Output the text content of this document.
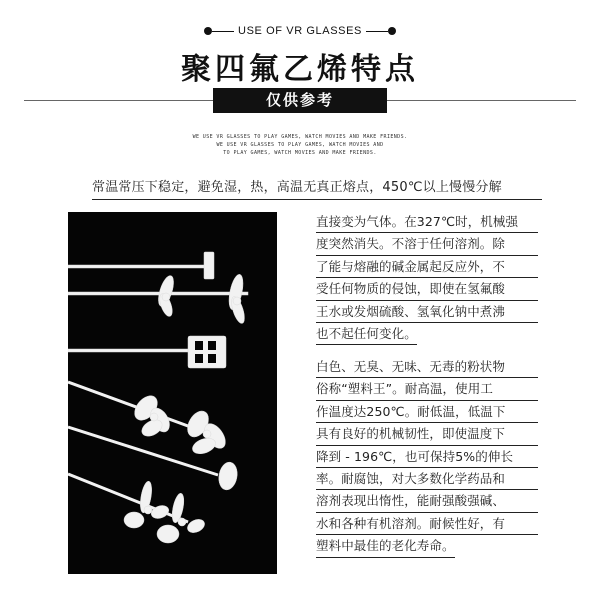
USE OF VR GLASSES
聚四氟乙烯特点
仅供参考
WE USE VR GLASSES TO PLAY GAMES, WATCH MOVIES AND MAKE FRIENDS.
WE USE VR GLASSES TO PLAY GAMES, WATCH MOVIES AND
TO PLAY GAMES, WATCH MOVIES AND MAKE FRIENDS.
常温常压下稳定，避免湿，热，高温无真正熔点，450℃以上慢慢分解
直接变为气体。在327℃时，机械强
度突然消失。不溶于任何溶剂。除
了能与熔融的碱金属起反应外，不
受任何物质的侵蚀，即使在氢氟酸
王水或发烟硫酸、氢氧化钠中煮沸
也不起任何变化。
白色、无臭、无味、无毒的粉状物
俗称“塑料王”。耐高温，使用工
作温度达250℃。耐低温，低温下
具有良好的机械韧性，即使温度下
降到 - 196℃，也可保持5%的伸长
率。耐腐蚀，对大多数化学药品和
溶剂表现出惰性，能耐强酸强碱、
水和各种有机溶剂。耐候性好，有
塑料中最佳的老化寿命。
